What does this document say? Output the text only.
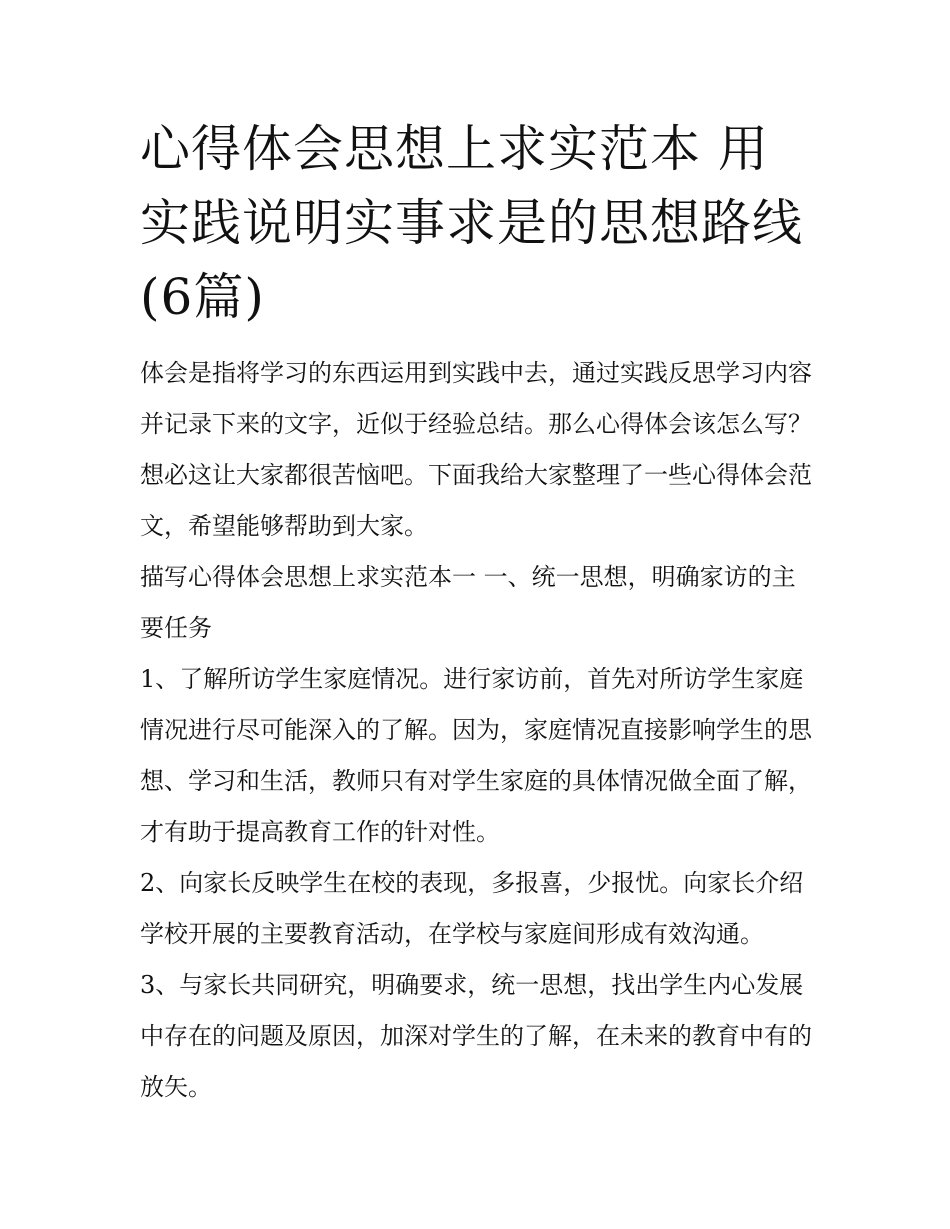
心得体会思想上求实范本 用实践说明实事求是的思想路线(6篇)

体会是指将学习的东西运用到实践中去，通过实践反思学习内容并记录下来的文字，近似于经验总结。那么心得体会该怎么写？想必这让大家都很苦恼吧。下面我给大家整理了一些心得体会范文，希望能够帮助到大家。

描写心得体会思想上求实范本一 一、统一思想，明确家访的主要任务

1、了解所访学生家庭情况。进行家访前，首先对所访学生家庭情况进行尽可能深入的了解。因为，家庭情况直接影响学生的思想、学习和生活，教师只有对学生家庭的具体情况做全面了解，才有助于提高教育工作的针对性。

2、向家长反映学生在校的表现，多报喜，少报忧。向家长介绍学校开展的主要教育活动，在学校与家庭间形成有效沟通。

3、与家长共同研究，明确要求，统一思想，找出学生内心发展中存在的问题及原因，加深对学生的了解，在未来的教育中有的放矢。
